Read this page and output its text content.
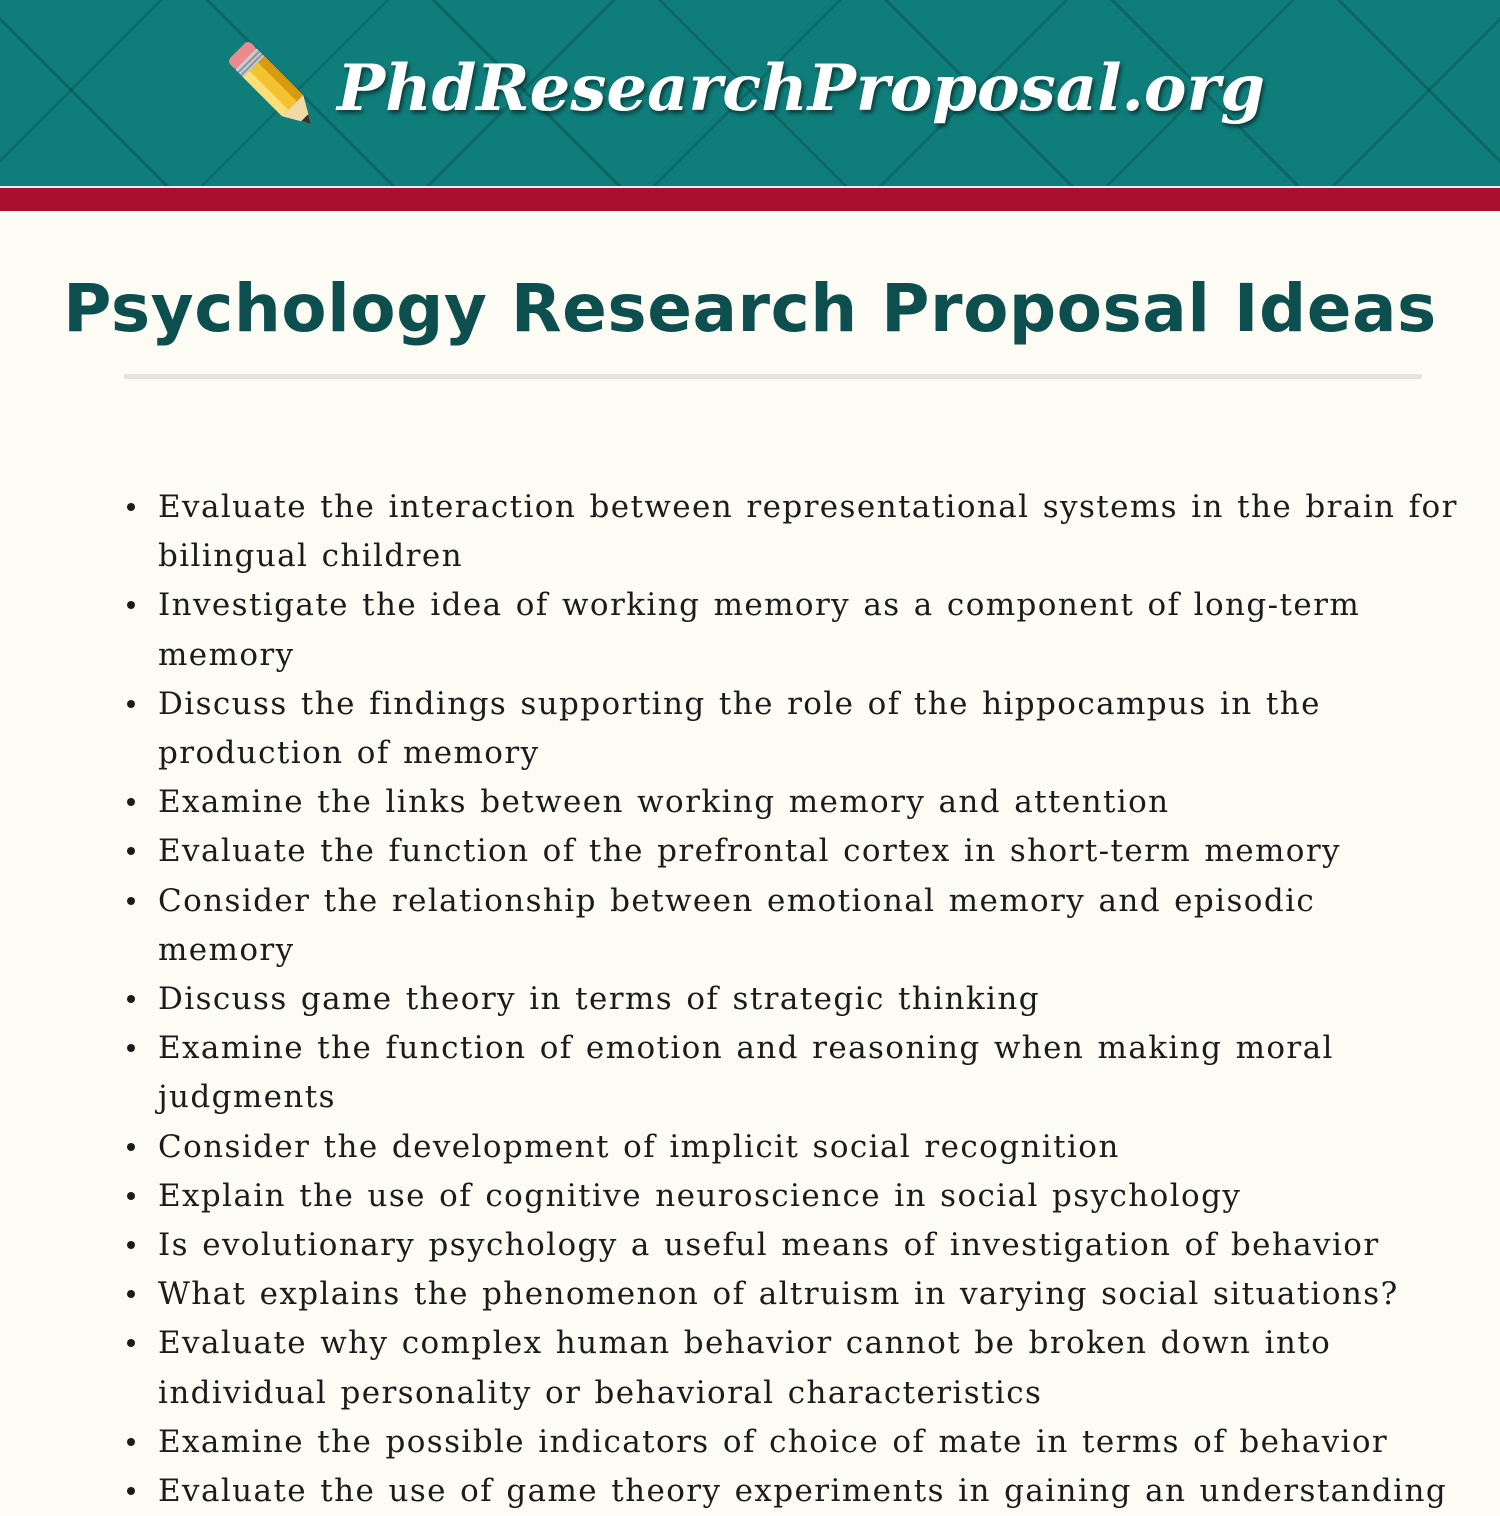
PhdResearchProposal.org
Psychology Research Proposal Ideas
Evaluate the interaction between representational systems in the brain for bilingual children
Investigate the idea of working memory as a component of long-term memory
Discuss the findings supporting the role of the hippocampus in the production of memory
Examine the links between working memory and attention
Evaluate the function of the prefrontal cortex in short-term memory
Consider the relationship between emotional memory and episodic memory
Discuss game theory in terms of strategic thinking
Examine the function of emotion and reasoning when making moral judgments
Consider the development of implicit social recognition
Explain the use of cognitive neuroscience in social psychology
Is evolutionary psychology a useful means of investigation of behavior
What explains the phenomenon of altruism in varying social situations?
Evaluate why complex human behavior cannot be broken down into individual personality or behavioral characteristics
Examine the possible indicators of choice of mate in terms of behavior
Evaluate the use of game theory experiments in gaining an understanding
